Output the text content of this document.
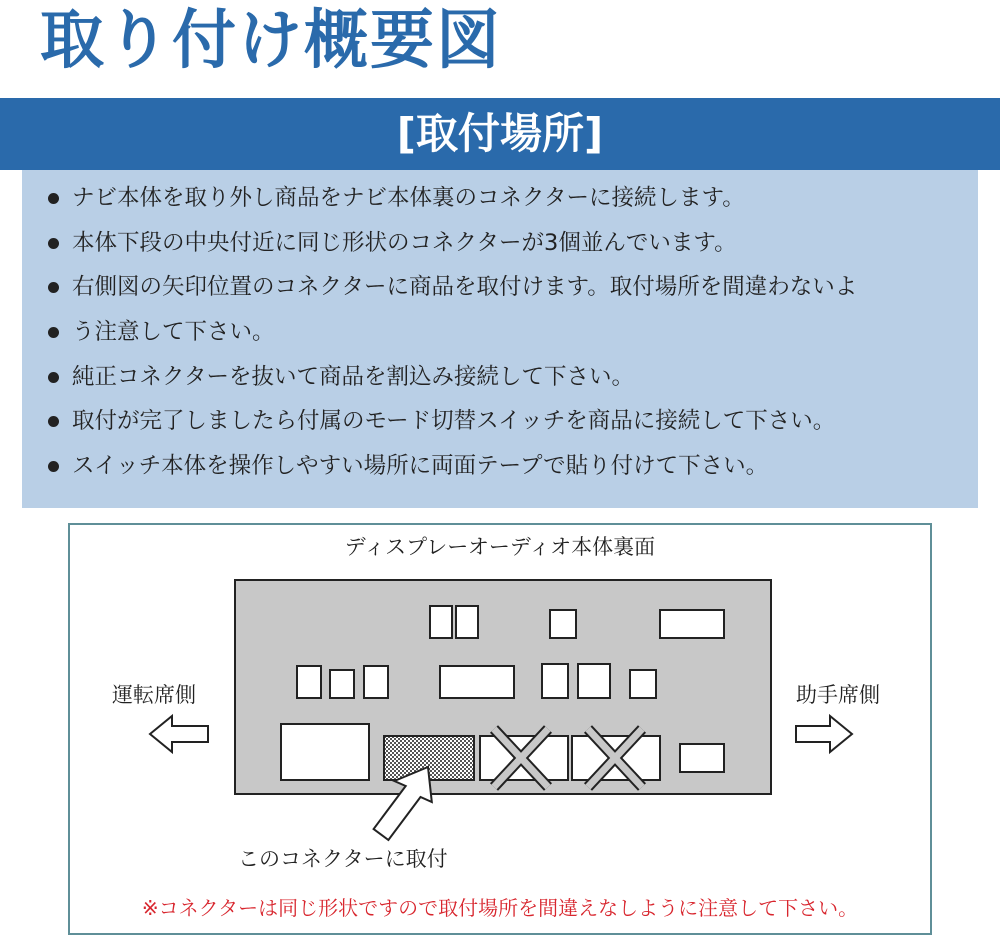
取り付け概要図
[取付場所]
ナビ本体を取り外し商品をナビ本体裏のコネクターに接続します。
本体下段の中央付近に同じ形状のコネクターが3個並んでいます。
右側図の矢印位置のコネクターに商品を取付けます。取付場所を間違わないよ
う注意して下さい。
純正コネクターを抜いて商品を割込み接続して下さい。
取付が完了しましたら付属のモード切替スイッチを商品に接続して下さい。
スイッチ本体を操作しやすい場所に両面テープで貼り付けて下さい。
ディスプレーオーディオ本体裏面
運転席側	助手席側
このコネクターに取付
※コネクターは同じ形状ですので取付場所を間違えなしように注意して下さい。
